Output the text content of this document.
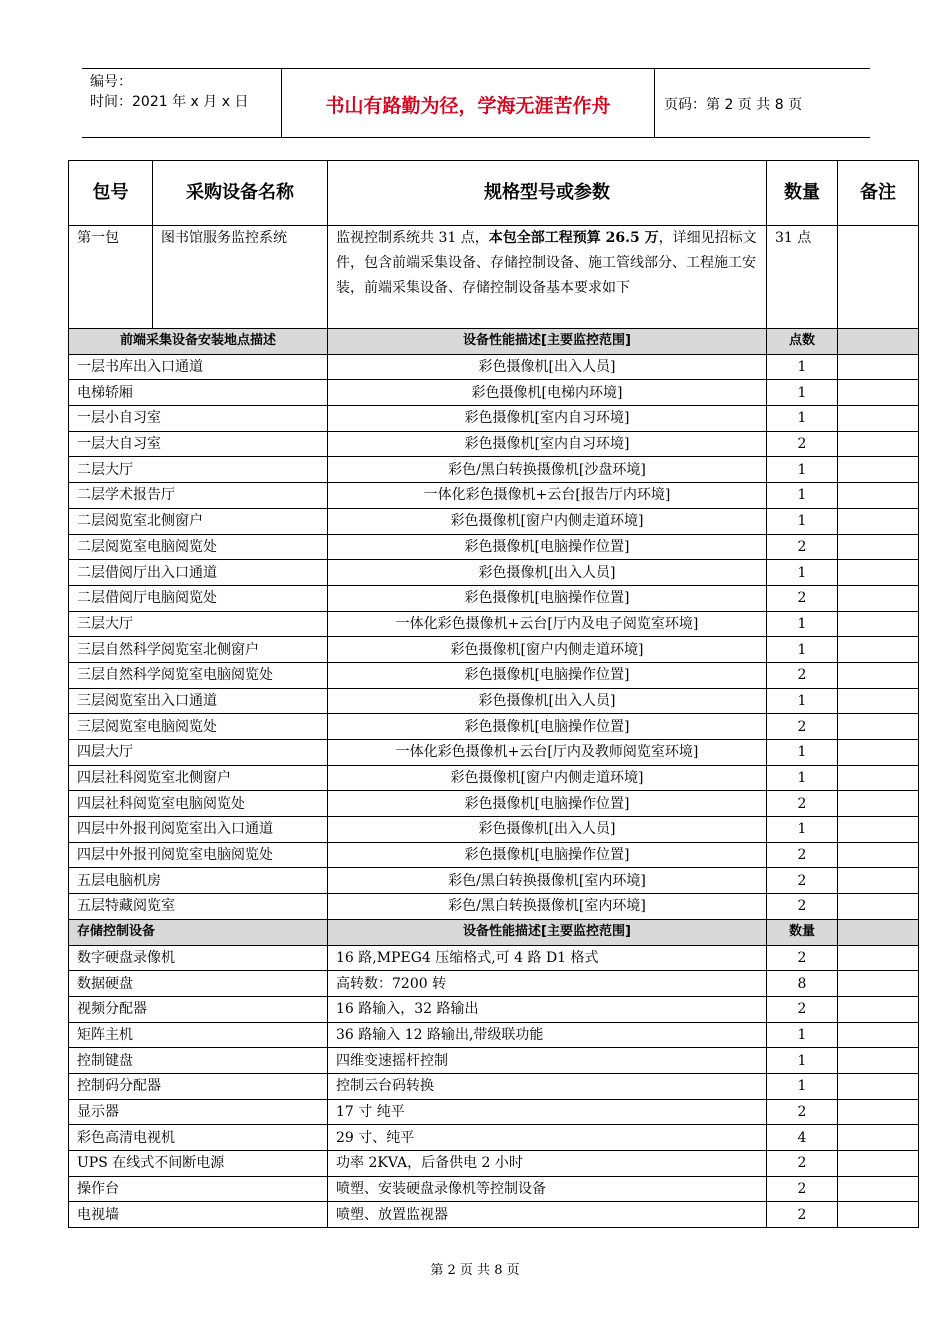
编号：
时间：2021 年 x 月 x 日	书山有路勤为径，学海无涯苦作舟	页码：第 2 页 共 8 页
包号	采购设备名称	规格型号或参数	数量	备注
第一包	图书馆服务监控系统	监视控制系统共 31 点，本包全部工程预算 26.5 万，详细见招标文件，包含前端采集设备、存储控制设备、施工管线部分、工程施工安装，前端采集设备、存储控制设备基本要求如下	31 点	
前端采集设备安装地点描述		设备性能描述[主要监控范围]	点数	
一层书库出入口通道		彩色摄像机[出入人员]	1	
电梯轿厢		彩色摄像机[电梯内环境]	1	
一层小自习室		彩色摄像机[室内自习环境]	1	
一层大自习室		彩色摄像机[室内自习环境]	2	
二层大厅		彩色/黑白转换摄像机[沙盘环境]	1	
二层学术报告厅		一体化彩色摄像机+云台[报告厅内环境]	1	
二层阅览室北侧窗户		彩色摄像机[窗户内侧走道环境]	1	
二层阅览室电脑阅览处		彩色摄像机[电脑操作位置]	2	
二层借阅厅出入口通道		彩色摄像机[出入人员]	1	
二层借阅厅电脑阅览处		彩色摄像机[电脑操作位置]	2	
三层大厅		一体化彩色摄像机+云台[厅内及电子阅览室环境]	1	
三层自然科学阅览室北侧窗户		彩色摄像机[窗户内侧走道环境]	1	
三层自然科学阅览室电脑阅览处		彩色摄像机[电脑操作位置]	2	
三层阅览室出入口通道		彩色摄像机[出入人员]	1	
三层阅览室电脑阅览处		彩色摄像机[电脑操作位置]	2	
四层大厅		一体化彩色摄像机+云台[厅内及教师阅览室环境]	1	
四层社科阅览室北侧窗户		彩色摄像机[窗户内侧走道环境]	1	
四层社科阅览室电脑阅览处		彩色摄像机[电脑操作位置]	2	
四层中外报刊阅览室出入口通道		彩色摄像机[出入人员]	1	
四层中外报刊阅览室电脑阅览处		彩色摄像机[电脑操作位置]	2	
五层电脑机房		彩色/黑白转换摄像机[室内环境]	2	
五层特藏阅览室		彩色/黑白转换摄像机[室内环境]	2	
存储控制设备		设备性能描述[主要监控范围]	数量	
数字硬盘录像机		16 路,MPEG4 压缩格式,可 4 路 D1 格式	2	
数据硬盘		高转数：7200 转	8	
视频分配器		16 路输入，32 路输出	2	
矩阵主机		36 路输入 12 路输出,带级联功能	1	
控制键盘		四维变速摇杆控制	1	
控制码分配器		控制云台码转换	1	
显示器		17 寸 纯平	2	
彩色高清电视机		29 寸、纯平	4	
UPS 在线式不间断电源		功率 2KVA，后备供电 2 小时	2	
操作台		喷塑、安装硬盘录像机等控制设备	2	
电视墙		喷塑、放置监视器	2	
第 2 页 共 8 页
